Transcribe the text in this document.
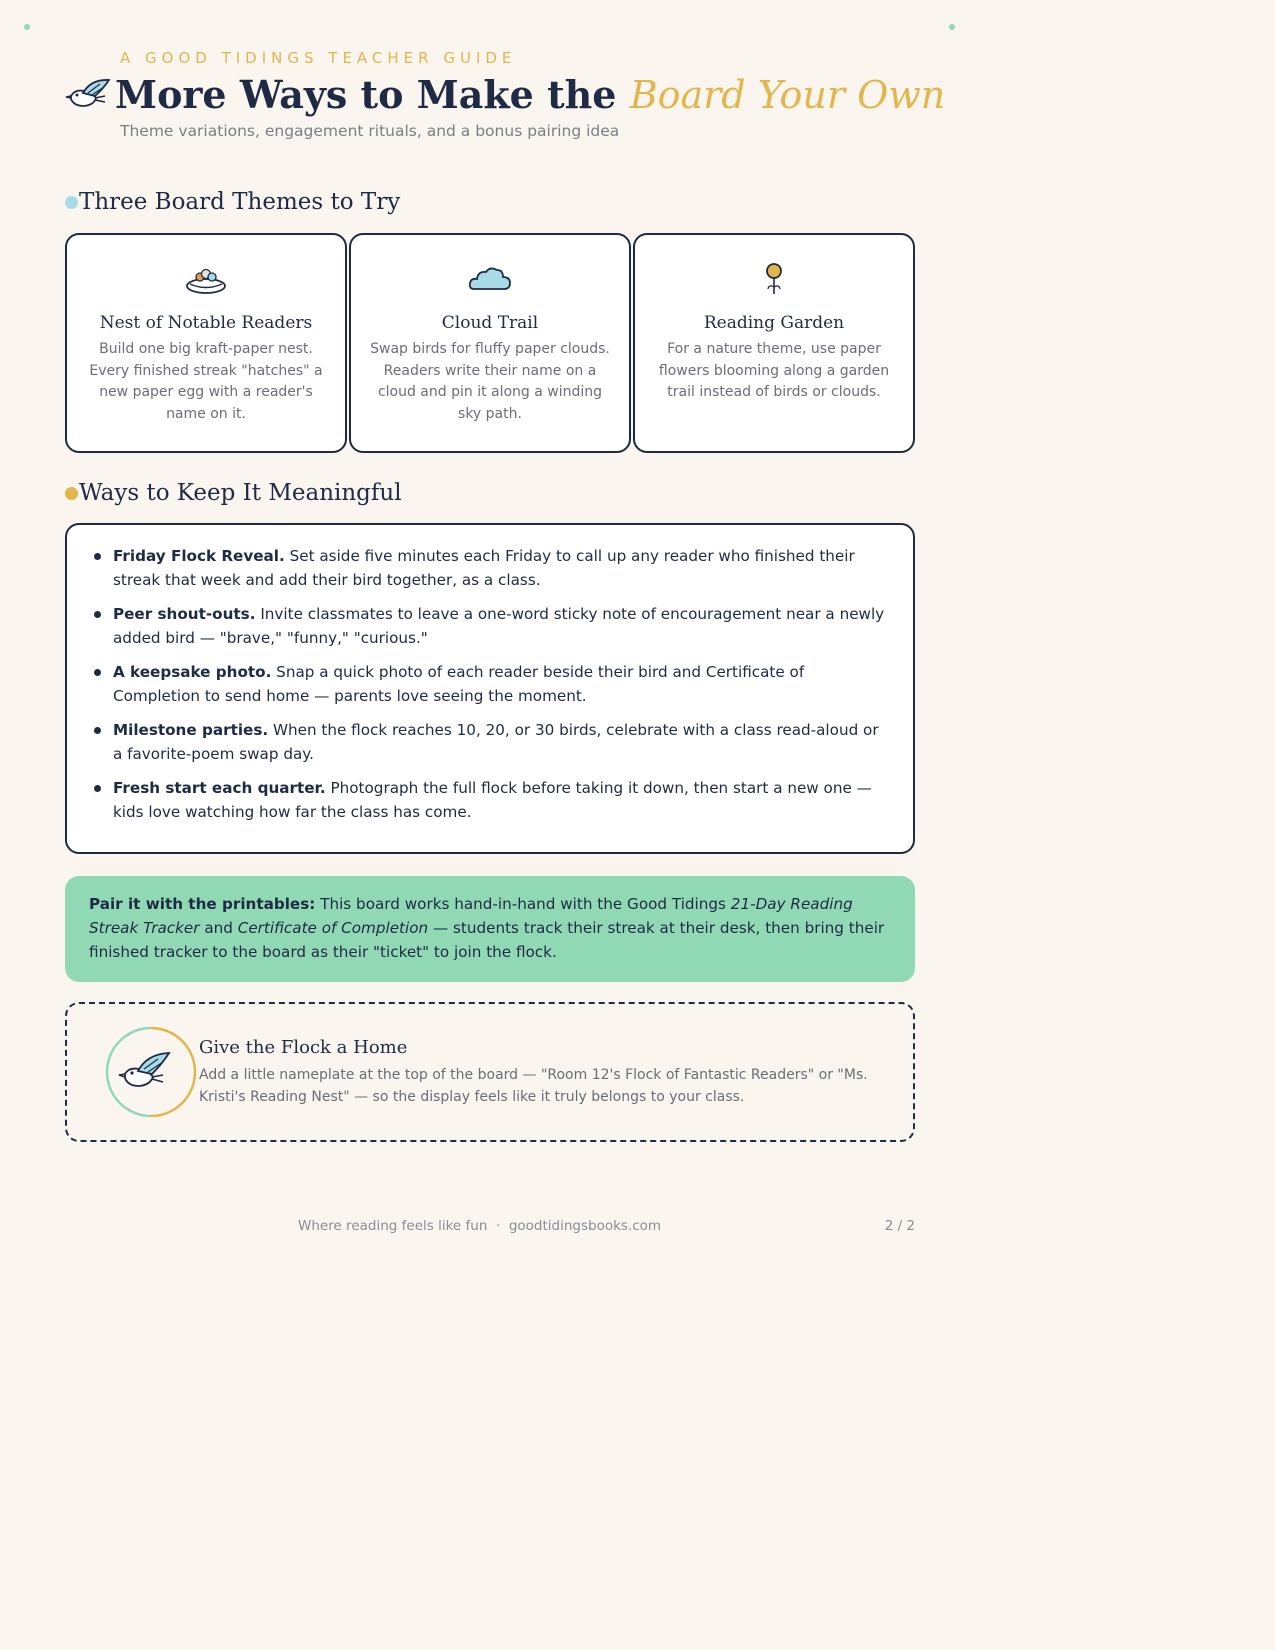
A GOOD TIDINGS TEACHER GUIDE
More Ways to Make the Board Your Own
Theme variations, engagement rituals, and a bonus pairing idea
Three Board Themes to Try
Nest of Notable Readers
Build one big kraft-paper nest. Every finished streak "hatches" a new paper egg with a reader's name on it.
Cloud Trail
Swap birds for fluffy paper clouds. Readers write their name on a cloud and pin it along a winding sky path.
Reading Garden
For a nature theme, use paper flowers blooming along a garden trail instead of birds or clouds.
Ways to Keep It Meaningful
Friday Flock Reveal. Set aside five minutes each Friday to call up any reader who finished their streak that week and add their bird together, as a class.
Peer shout-outs. Invite classmates to leave a one-word sticky note of encouragement near a newly added bird — "brave," "funny," "curious."
A keepsake photo. Snap a quick photo of each reader beside their bird and Certificate of Completion to send home — parents love seeing the moment.
Milestone parties. When the flock reaches 10, 20, or 30 birds, celebrate with a class read-aloud or a favorite-poem swap day.
Fresh start each quarter. Photograph the full flock before taking it down, then start a new one — kids love watching how far the class has come.
Pair it with the printables: This board works hand-in-hand with the Good Tidings 21-Day Reading Streak Tracker and Certificate of Completion — students track their streak at their desk, then bring their finished tracker to the board as their "ticket" to join the flock.
Give the Flock a Home
Add a little nameplate at the top of the board — "Room 12's Flock of Fantastic Readers" or "Ms. Kristi's Reading Nest" — so the display feels like it truly belongs to your class.
Where reading feels like fun  ·  goodtidingsbooks.com	2 / 2
